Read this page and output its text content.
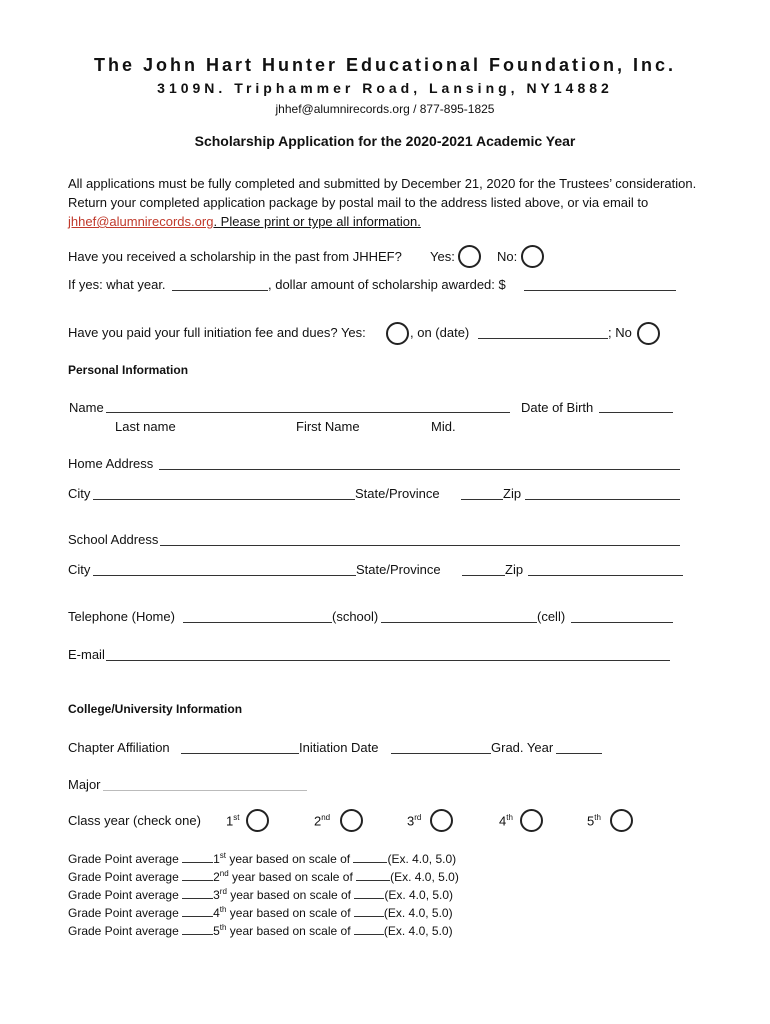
The John Hart Hunter Educational Foundation, Inc.
3109N. Triphammer Road, Lansing, NY14882
jhhef@alumnirecords.org / 877-895-1825
Scholarship Application for the 2020-2021 Academic Year
All applications must be fully completed and submitted by December 21, 2020 for the Trustees’ consideration. Return your completed application package by postal mail to the address listed above, or via email to jhhef@alumnirecords.org. Please print or type all information.
Have you received a scholarship in the past from JHHEF? Yes:	No:
If yes: what year.	, dollar amount of scholarship awarded: $
Have you paid your full initiation fee and dues? Yes:	, on (date)	; No
Personal Information
Name	Date of Birth
Last name	First Name	Mid.
Home Address
City	State/Province	Zip
School Address
City	State/Province	Zip
Telephone (Home)	(school)	(cell)
E-mail
College/University Information
Chapter Affiliation	Initiation Date	Grad. Year
Major
Class year (check one) 1st	2nd	3rd	4th	5th
Grade Point average	1st year based on scale of	(Ex. 4.0, 5.0)
Grade Point average	2nd year based on scale of	(Ex. 4.0, 5.0)
Grade Point average	3rd year based on scale of	(Ex. 4.0, 5.0)
Grade Point average	4th year based on scale of	(Ex. 4.0, 5.0)
Grade Point average	5th year based on scale of	(Ex. 4.0, 5.0)
